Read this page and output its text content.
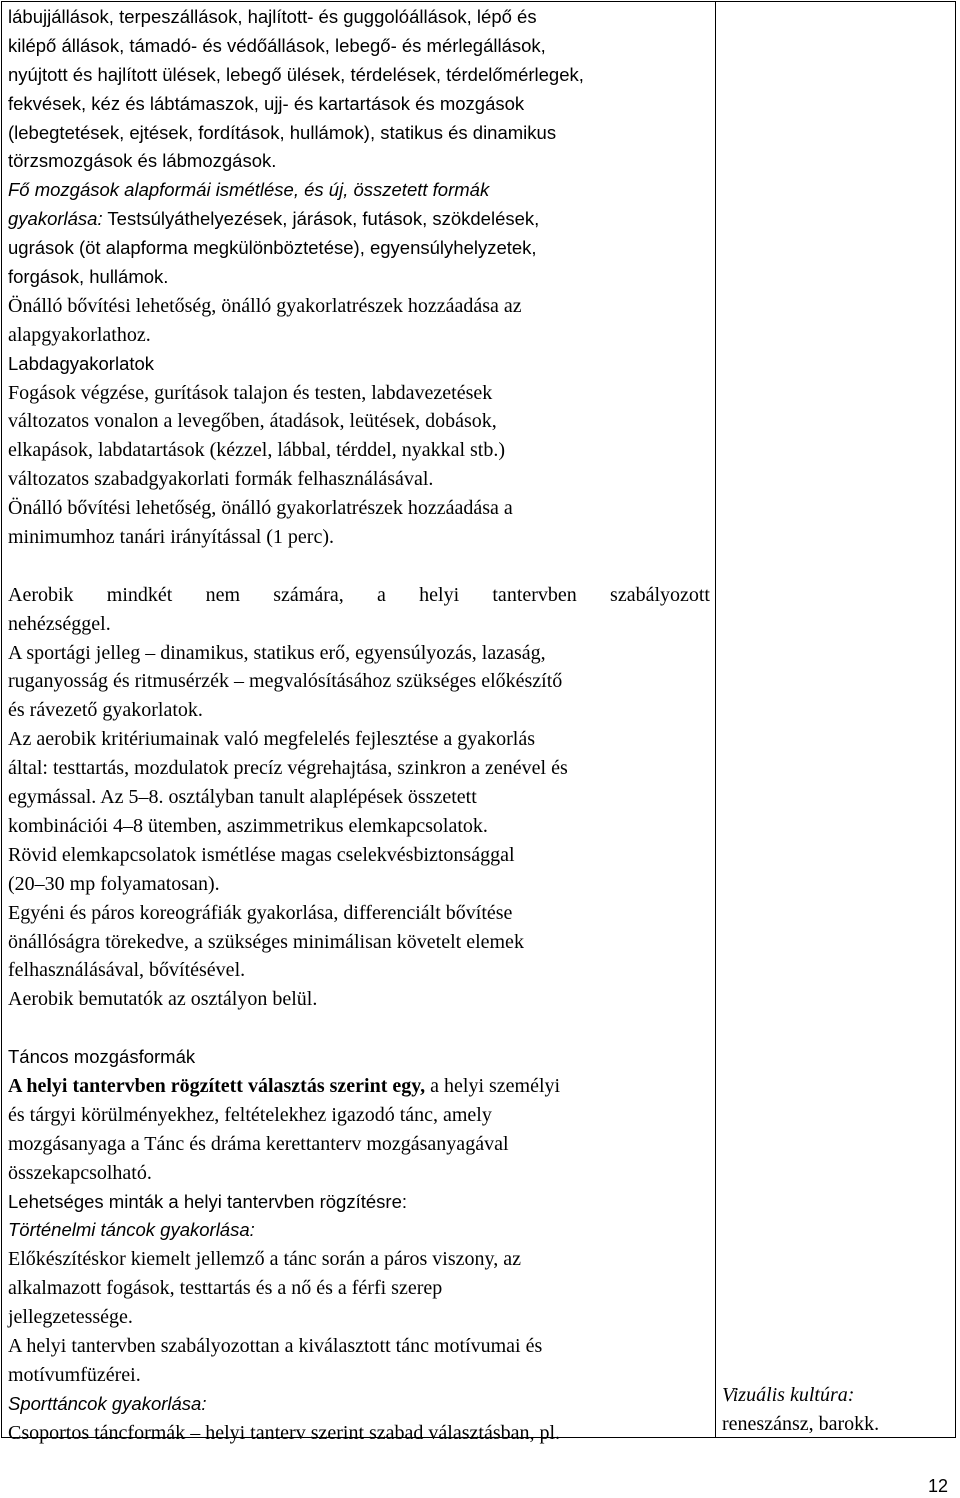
lábujjállások, terpeszállások, hajlított- és guggolóállások, lépő és
kilépő állások, támadó- és védőállások, lebegő- és mérlegállások,
nyújtott és hajlított ülések, lebegő ülések, térdelések, térdelőmérlegek,
fekvések, kéz és lábtámaszok, ujj- és kartartások és mozgások
(lebegtetések, ejtések, fordítások, hullámok), statikus és dinamikus
törzsmozgások és lábmozgások.
Fő mozgások alapformái ismétlése, és új, összetett formák
gyakorlása: Testsúlyáthelyezések, járások, futások, szökdelések,
ugrások (öt alapforma megkülönböztetése), egyensúlyhelyzetek,
forgások, hullámok.
Önálló bővítési lehetőség, önálló gyakorlatrészek hozzáadása az
alapgyakorlathoz.
Labdagyakorlatok
Fogások végzése, gurítások talajon és testen, labdavezetések
változatos vonalon a levegőben, átadások, leütések, dobások,
elkapások, labdatartások (kézzel, lábbal, térddel, nyakkal stb.)
változatos szabadgyakorlati formák felhasználásával.
Önálló bővítési lehetőség, önálló gyakorlatrészek hozzáadása a
minimumhoz tanári irányítással (1 perc).
Aerobik mindkét nem számára, a helyi tantervben szabályozott
nehézséggel.
A sportági jelleg – dinamikus, statikus erő, egyensúlyozás, lazaság,
ruganyosság és ritmusérzék – megvalósításához szükséges előkészítő
és rávezető gyakorlatok.
Az aerobik kritériumainak való megfelelés fejlesztése a gyakorlás
által: testtartás, mozdulatok precíz végrehajtása, szinkron a zenével és
egymással. Az 5–8. osztályban tanult alaplépések összetett
kombinációi 4–8 ütemben, aszimmetrikus elemkapcsolatok.
Rövid elemkapcsolatok ismétlése magas cselekvésbiztonsággal
(20–30 mp folyamatosan).
Egyéni és páros koreográfiák gyakorlása, differenciált bővítése
önállóságra törekedve, a szükséges minimálisan követelt elemek
felhasználásával, bővítésével.
Aerobik bemutatók az osztályon belül.
Táncos mozgásformák
A helyi tantervben rögzített választás szerint egy, a helyi személyi
és tárgyi körülményekhez, feltételekhez igazodó tánc, amely
mozgásanyaga a Tánc és dráma kerettanterv mozgásanyagával
összekapcsolható.
Lehetséges minták a helyi tantervben rögzítésre:
Történelmi táncok gyakorlása:
Előkészítéskor kiemelt jellemző a tánc során a páros viszony, az
alkalmazott fogások, testtartás és a nő és a férfi szerep
jellegzetessége.
A helyi tantervben szabályozottan a kiválasztott tánc motívumai és
motívumfüzérei.
Sporttáncok gyakorlása:
Csoportos táncformák – helyi tanterv szerint szabad választásban, pl.
Vizuális kultúra:
reneszánsz, barokk.
12
